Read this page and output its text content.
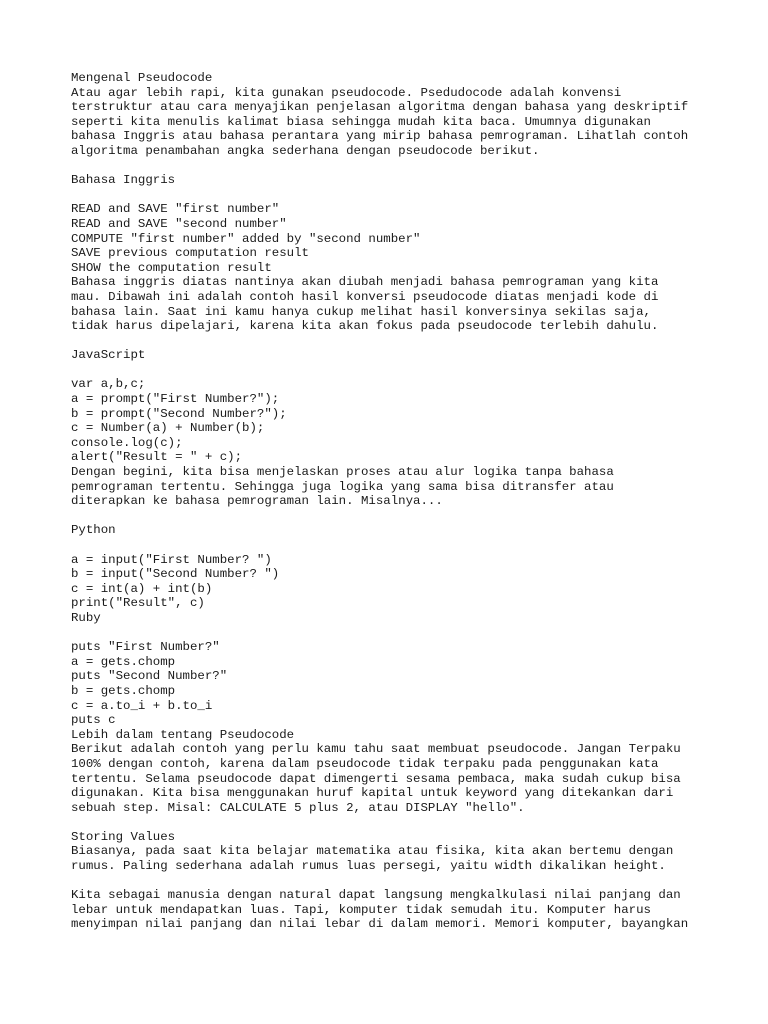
Mengenal Pseudocode
Atau agar lebih rapi, kita gunakan pseudocode. Psedudocode adalah konvensi
terstruktur atau cara menyajikan penjelasan algoritma dengan bahasa yang deskriptif
seperti kita menulis kalimat biasa sehingga mudah kita baca. Umumnya digunakan
bahasa Inggris atau bahasa perantara yang mirip bahasa pemrograman. Lihatlah contoh
algoritma penambahan angka sederhana dengan pseudocode berikut.
Bahasa Inggris
READ and SAVE "first number"
READ and SAVE "second number"
COMPUTE "first number" added by "second number"
SAVE previous computation result
SHOW the computation result
Bahasa inggris diatas nantinya akan diubah menjadi bahasa pemrograman yang kita
mau. Dibawah ini adalah contoh hasil konversi pseudocode diatas menjadi kode di
bahasa lain. Saat ini kamu hanya cukup melihat hasil konversinya sekilas saja,
tidak harus dipelajari, karena kita akan fokus pada pseudocode terlebih dahulu.
JavaScript
var a,b,c;
a = prompt("First Number?");
b = prompt("Second Number?");
c = Number(a) + Number(b);
console.log(c);
alert("Result = " + c);
Dengan begini, kita bisa menjelaskan proses atau alur logika tanpa bahasa
pemrograman tertentu. Sehingga juga logika yang sama bisa ditransfer atau
diterapkan ke bahasa pemrograman lain. Misalnya...
Python
a = input("First Number? ")
b = input("Second Number? ")
c = int(a) + int(b)
print("Result", c)
Ruby
puts "First Number?"
a = gets.chomp
puts "Second Number?"
b = gets.chomp
c = a.to_i + b.to_i
puts c
Lebih dalam tentang Pseudocode
Berikut adalah contoh yang perlu kamu tahu saat membuat pseudocode. Jangan Terpaku
100% dengan contoh, karena dalam pseudocode tidak terpaku pada penggunakan kata
tertentu. Selama pseudocode dapat dimengerti sesama pembaca, maka sudah cukup bisa
digunakan. Kita bisa menggunakan huruf kapital untuk keyword yang ditekankan dari
sebuah step. Misal: CALCULATE 5 plus 2, atau DISPLAY "hello".
Storing Values
Biasanya, pada saat kita belajar matematika atau fisika, kita akan bertemu dengan
rumus. Paling sederhana adalah rumus luas persegi, yaitu width dikalikan height.
Kita sebagai manusia dengan natural dapat langsung mengkalkulasi nilai panjang dan
lebar untuk mendapatkan luas. Tapi, komputer tidak semudah itu. Komputer harus
menyimpan nilai panjang dan nilai lebar di dalam memori. Memori komputer, bayangkan
